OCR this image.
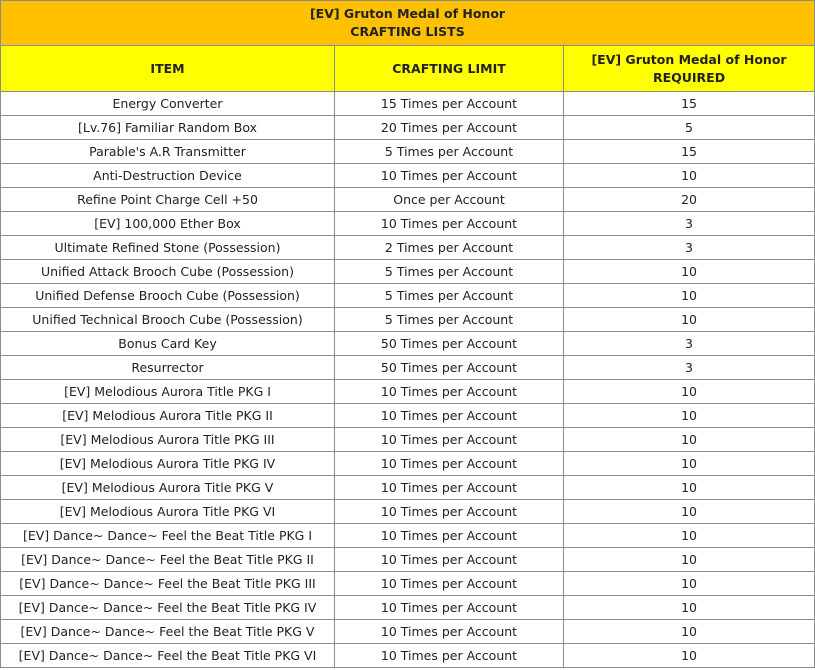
[EV] Gruton Medal of Honor
CRAFTING LISTS		

ITEM	CRAFTING LIMIT	[EV] Gruton Medal of Honor
REQUIRED

Energy Converter	15 Times per Account	15
[Lv.76] Familiar Random Box	20 Times per Account	5
Parable's A.R Transmitter	5 Times per Account	15
Anti-Destruction Device	10 Times per Account	10
Refine Point Charge Cell +50	Once per Account	20
[EV] 100,000 Ether Box	10 Times per Account	3
Ultimate Refined Stone (Possession)	2 Times per Account	3
Unified Attack Brooch Cube (Possession)	5 Times per Account	10
Unified Defense Brooch Cube (Possession)	5 Times per Account	10
Unified Technical Brooch Cube (Possession)	5 Times per Account	10
Bonus Card Key	50 Times per Account	3
Resurrector	50 Times per Account	3
[EV] Melodious Aurora Title PKG I	10 Times per Account	10
[EV] Melodious Aurora Title PKG II	10 Times per Account	10
[EV] Melodious Aurora Title PKG III	10 Times per Account	10
[EV] Melodious Aurora Title PKG IV	10 Times per Account	10
[EV] Melodious Aurora Title PKG V	10 Times per Account	10
[EV] Melodious Aurora Title PKG VI	10 Times per Account	10
[EV] Dance~ Dance~ Feel the Beat Title PKG I	10 Times per Account	10
[EV] Dance~ Dance~ Feel the Beat Title PKG II	10 Times per Account	10
[EV] Dance~ Dance~ Feel the Beat Title PKG III	10 Times per Account	10
[EV] Dance~ Dance~ Feel the Beat Title PKG IV	10 Times per Account	10
[EV] Dance~ Dance~ Feel the Beat Title PKG V	10 Times per Account	10
[EV] Dance~ Dance~ Feel the Beat Title PKG VI	10 Times per Account	10
